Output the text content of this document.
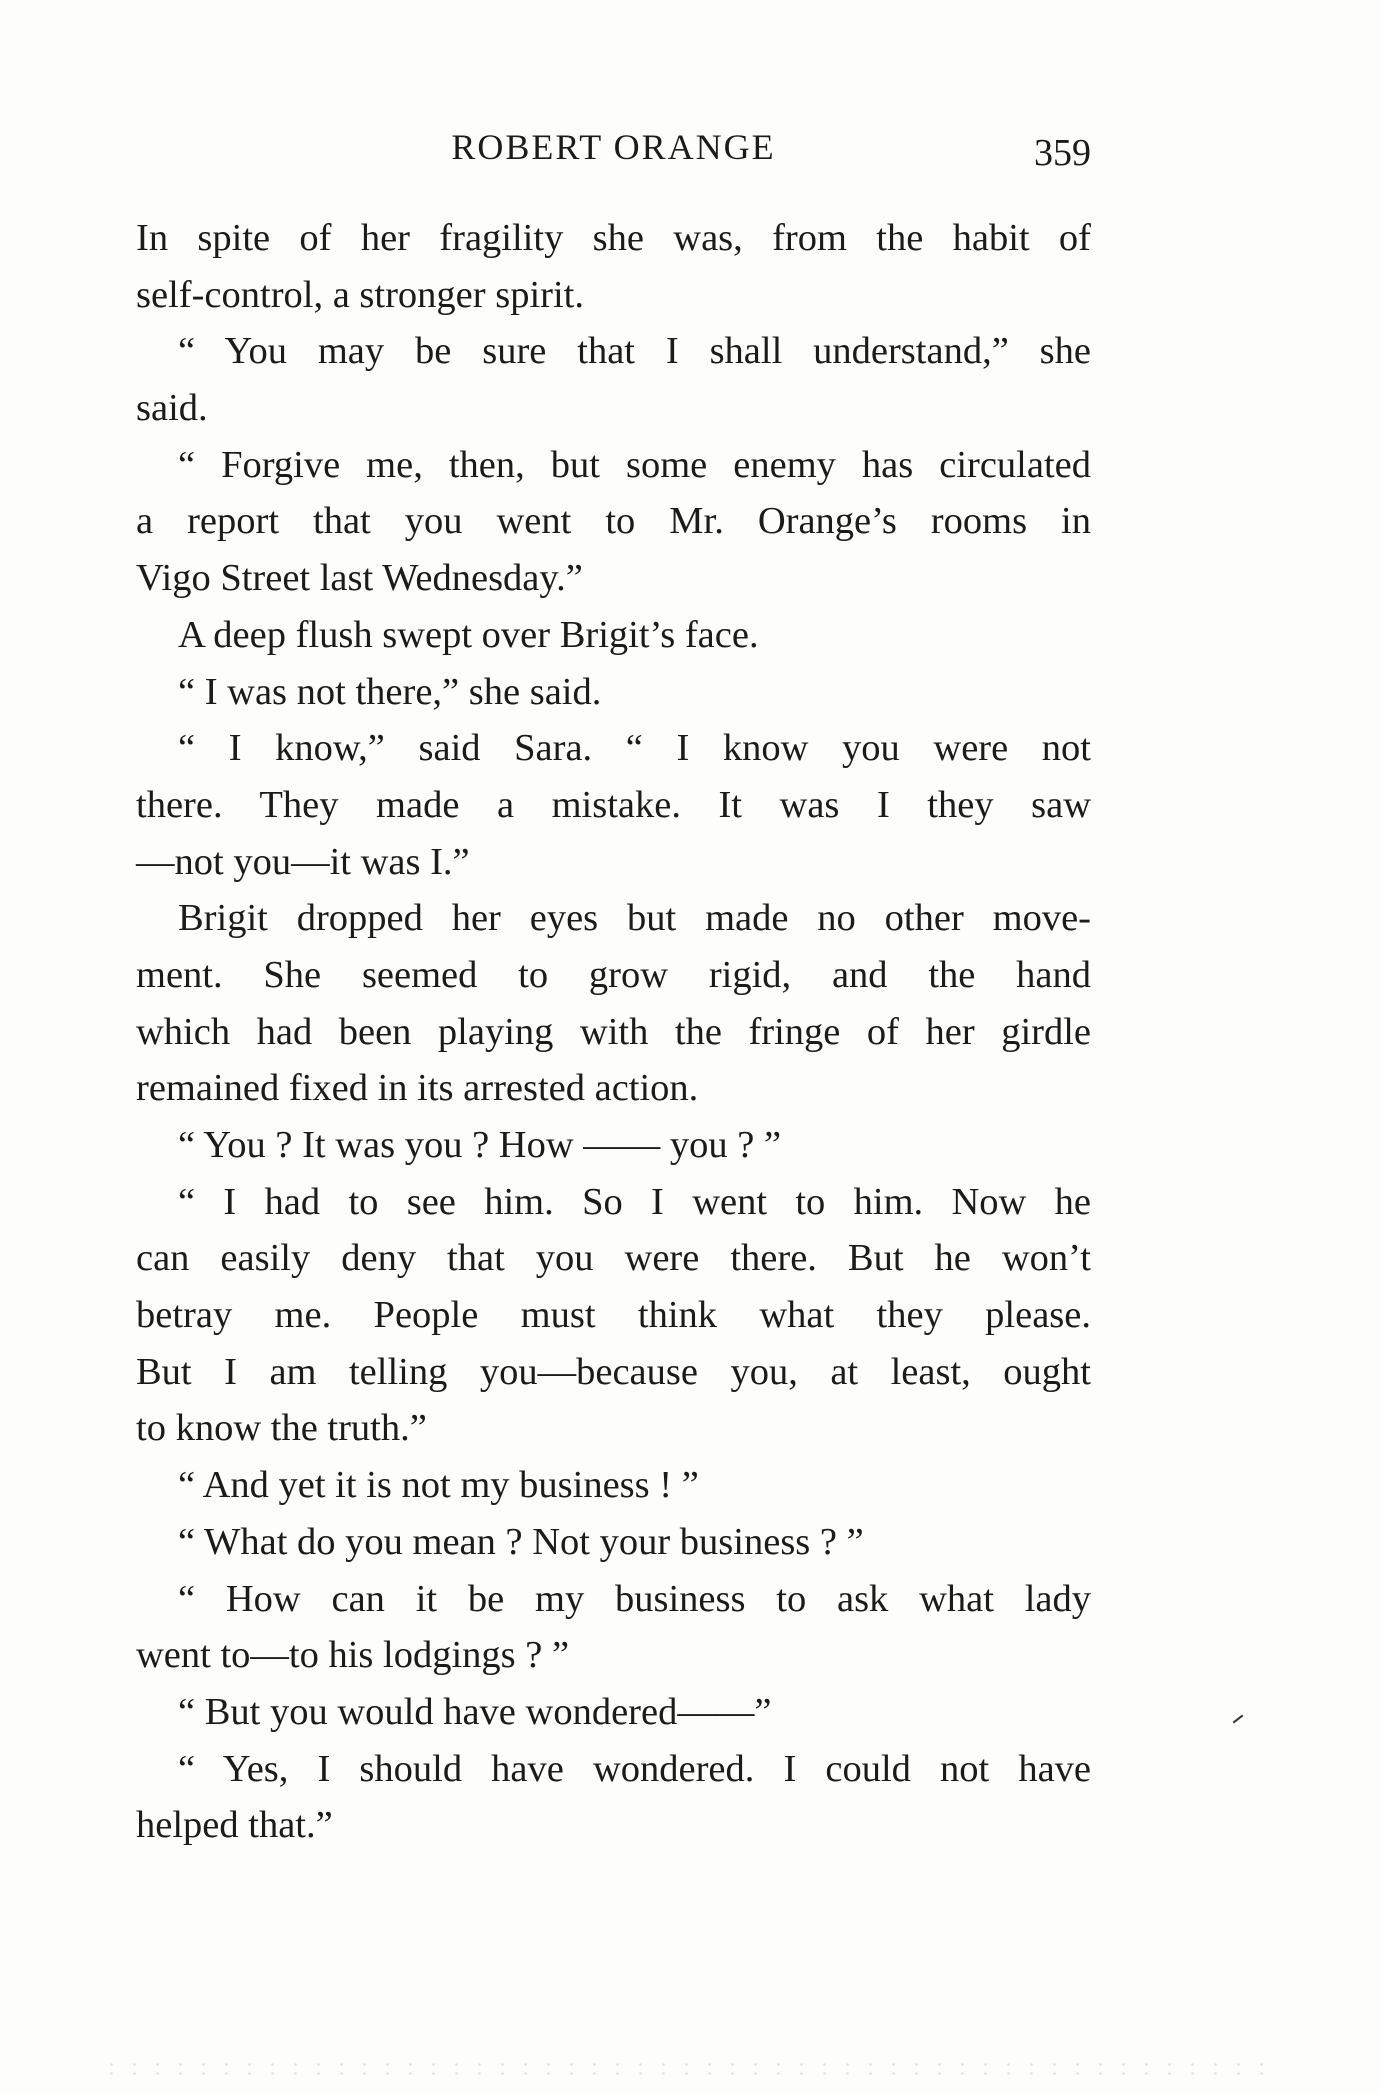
ROBERT ORANGE	359
In spite of her fragility she was, from the habit of
self-control, a stronger spirit.
“ You may be sure that I shall understand,” she
said.
“ Forgive me, then, but some enemy has circulated
a report that you went to Mr. Orange’s rooms in
Vigo Street last Wednesday.”
A deep flush swept over Brigit’s face.
“ I was not there,” she said.
“ I know,” said Sara. “ I know you were not
there. They made a mistake. It was I they saw
—not you—it was I.”
Brigit dropped her eyes but made no other move-
ment. She seemed to grow rigid, and the hand
which had been playing with the fringe of her girdle
remained fixed in its arrested action.
“ You ? It was you ? How —— you ? ”
“ I had to see him. So I went to him. Now he
can easily deny that you were there. But he won’t
betray me. People must think what they please.
But I am telling you—because you, at least, ought
to know the truth.”
“ And yet it is not my business ! ”
“ What do you mean ? Not your business ? ”
“ How can it be my business to ask what lady
went to—to his lodgings ? ”
“ But you would have wondered——”
“ Yes, I should have wondered. I could not have
helped that.”
